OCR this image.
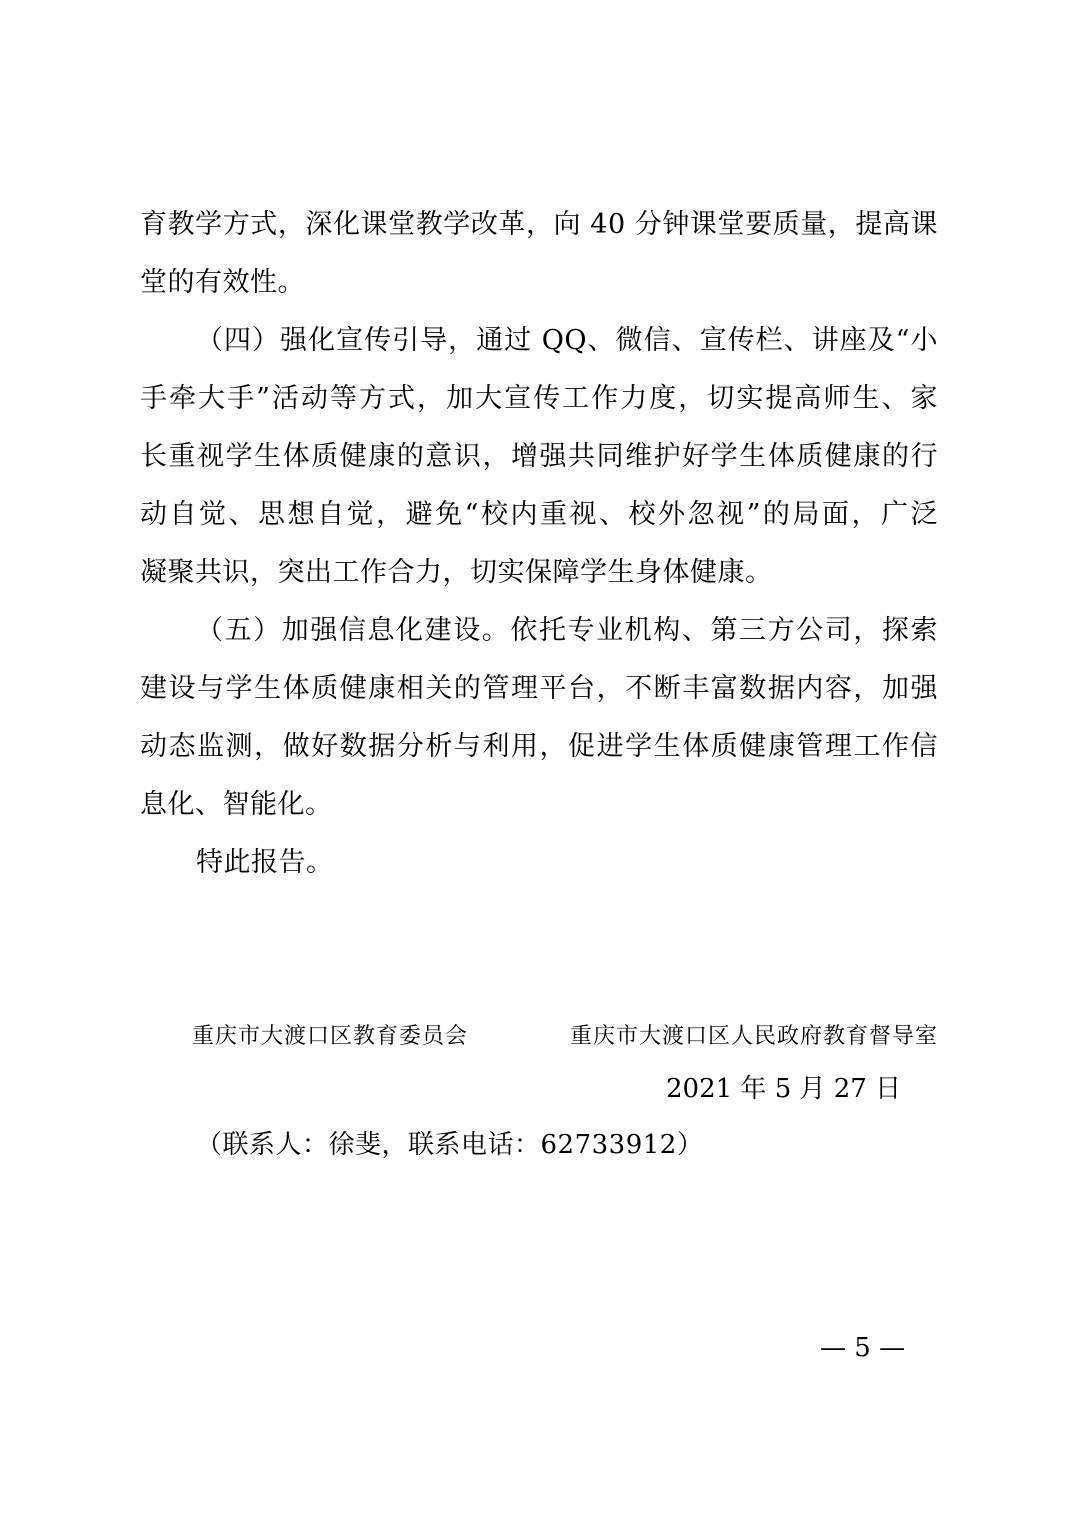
育教学方式，深化课堂教学改革，向 40 分钟课堂要质量，提高课
堂的有效性。
（四）强化宣传引导，通过 QQ、微信、宣传栏、讲座及“小
手牵大手”活动等方式，加大宣传工作力度，切实提高师生、家
长重视学生体质健康的意识，增强共同维护好学生体质健康的行
动自觉、思想自觉，避免“校内重视、校外忽视”的局面，广泛
凝聚共识，突出工作合力，切实保障学生身体健康。
（五）加强信息化建设。依托专业机构、第三方公司，探索
建设与学生体质健康相关的管理平台，不断丰富数据内容，加强
动态监测，做好数据分析与利用，促进学生体质健康管理工作信
息化、智能化。
特此报告。
重庆市大渡口区教育委员会	重庆市大渡口区人民政府教育督导室
2021 年 5 月 27 日
（联系人：徐斐，联系电话：62733912）
— 5 —
